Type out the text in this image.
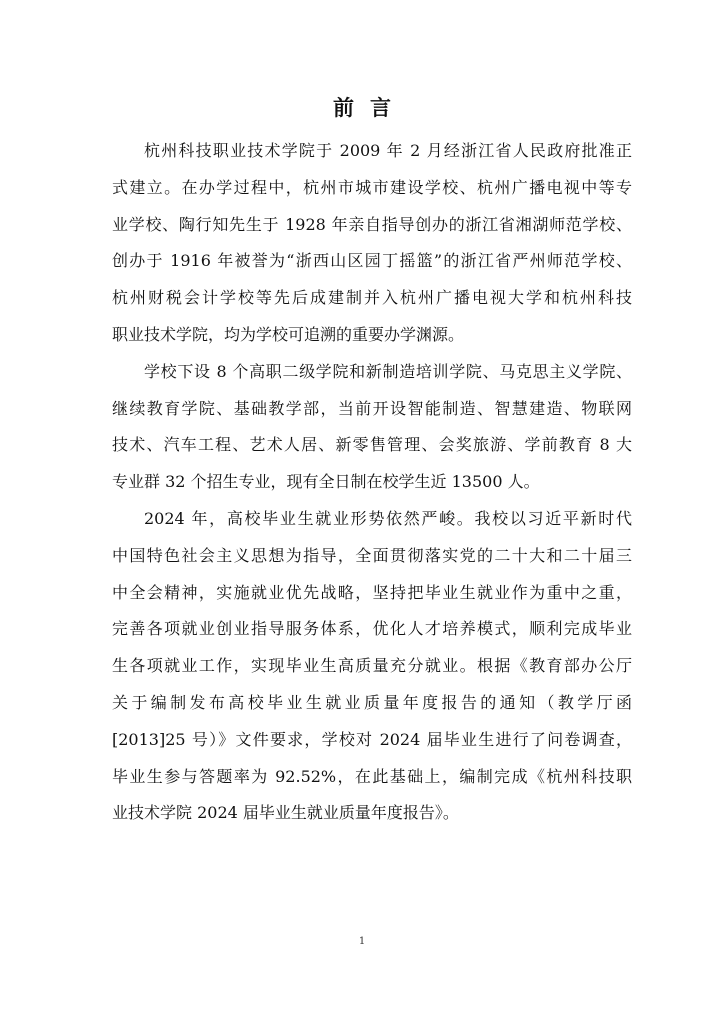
前言
杭州科技职业技术学院于 2009 年 2 月经浙江省人民政府批准正
式建立。在办学过程中，杭州市城市建设学校、杭州广播电视中等专
业学校、陶行知先生于 1928 年亲自指导创办的浙江省湘湖师范学校、
创办于 1916 年被誉为“浙西山区园丁摇篮”的浙江省严州师范学校、
杭州财税会计学校等先后成建制并入杭州广播电视大学和杭州科技
职业技术学院，均为学校可追溯的重要办学渊源。
学校下设 8 个高职二级学院和新制造培训学院、马克思主义学院、
继续教育学院、基础教学部，当前开设智能制造、智慧建造、物联网
技术、汽车工程、艺术人居、新零售管理、会奖旅游、学前教育 8 大
专业群 32 个招生专业，现有全日制在校学生近 13500 人。
2024 年，高校毕业生就业形势依然严峻。我校以习近平新时代
中国特色社会主义思想为指导，全面贯彻落实党的二十大和二十届三
中全会精神，实施就业优先战略，坚持把毕业生就业作为重中之重，
完善各项就业创业指导服务体系，优化人才培养模式，顺利完成毕业
生各项就业工作，实现毕业生高质量充分就业。根据《教育部办公厅
关于编制发布高校毕业生就业质量年度报告的通知（教学厅函
[2013]25 号）》文件要求，学校对 2024 届毕业生进行了问卷调查，
毕业生参与答题率为 92.52%，在此基础上，编制完成《杭州科技职
业技术学院 2024 届毕业生就业质量年度报告》。
1
